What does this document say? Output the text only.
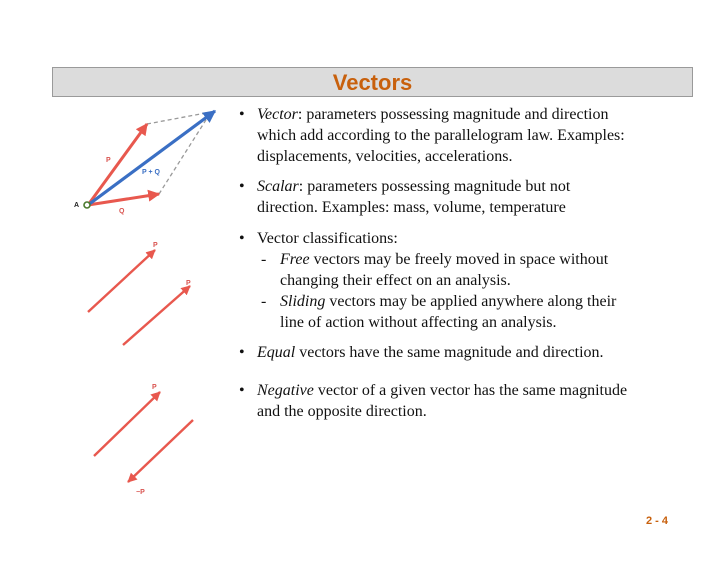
Vectors
A
P
Q
P + Q
P
P
P
−P
• Vector: parameters possessing magnitude and direction
which add according to the parallelogram law. Examples:
displacements, velocities, accelerations.
• Scalar: parameters possessing magnitude but not
direction. Examples: mass, volume, temperature
• Vector classifications:
- Free vectors may be freely moved in space without
changing their effect on an analysis.
- Sliding vectors may be applied anywhere along their
line of action without affecting an analysis.
• Equal vectors have the same magnitude and direction.
• Negative vector of a given vector has the same magnitude
and the opposite direction.
2 - 4
